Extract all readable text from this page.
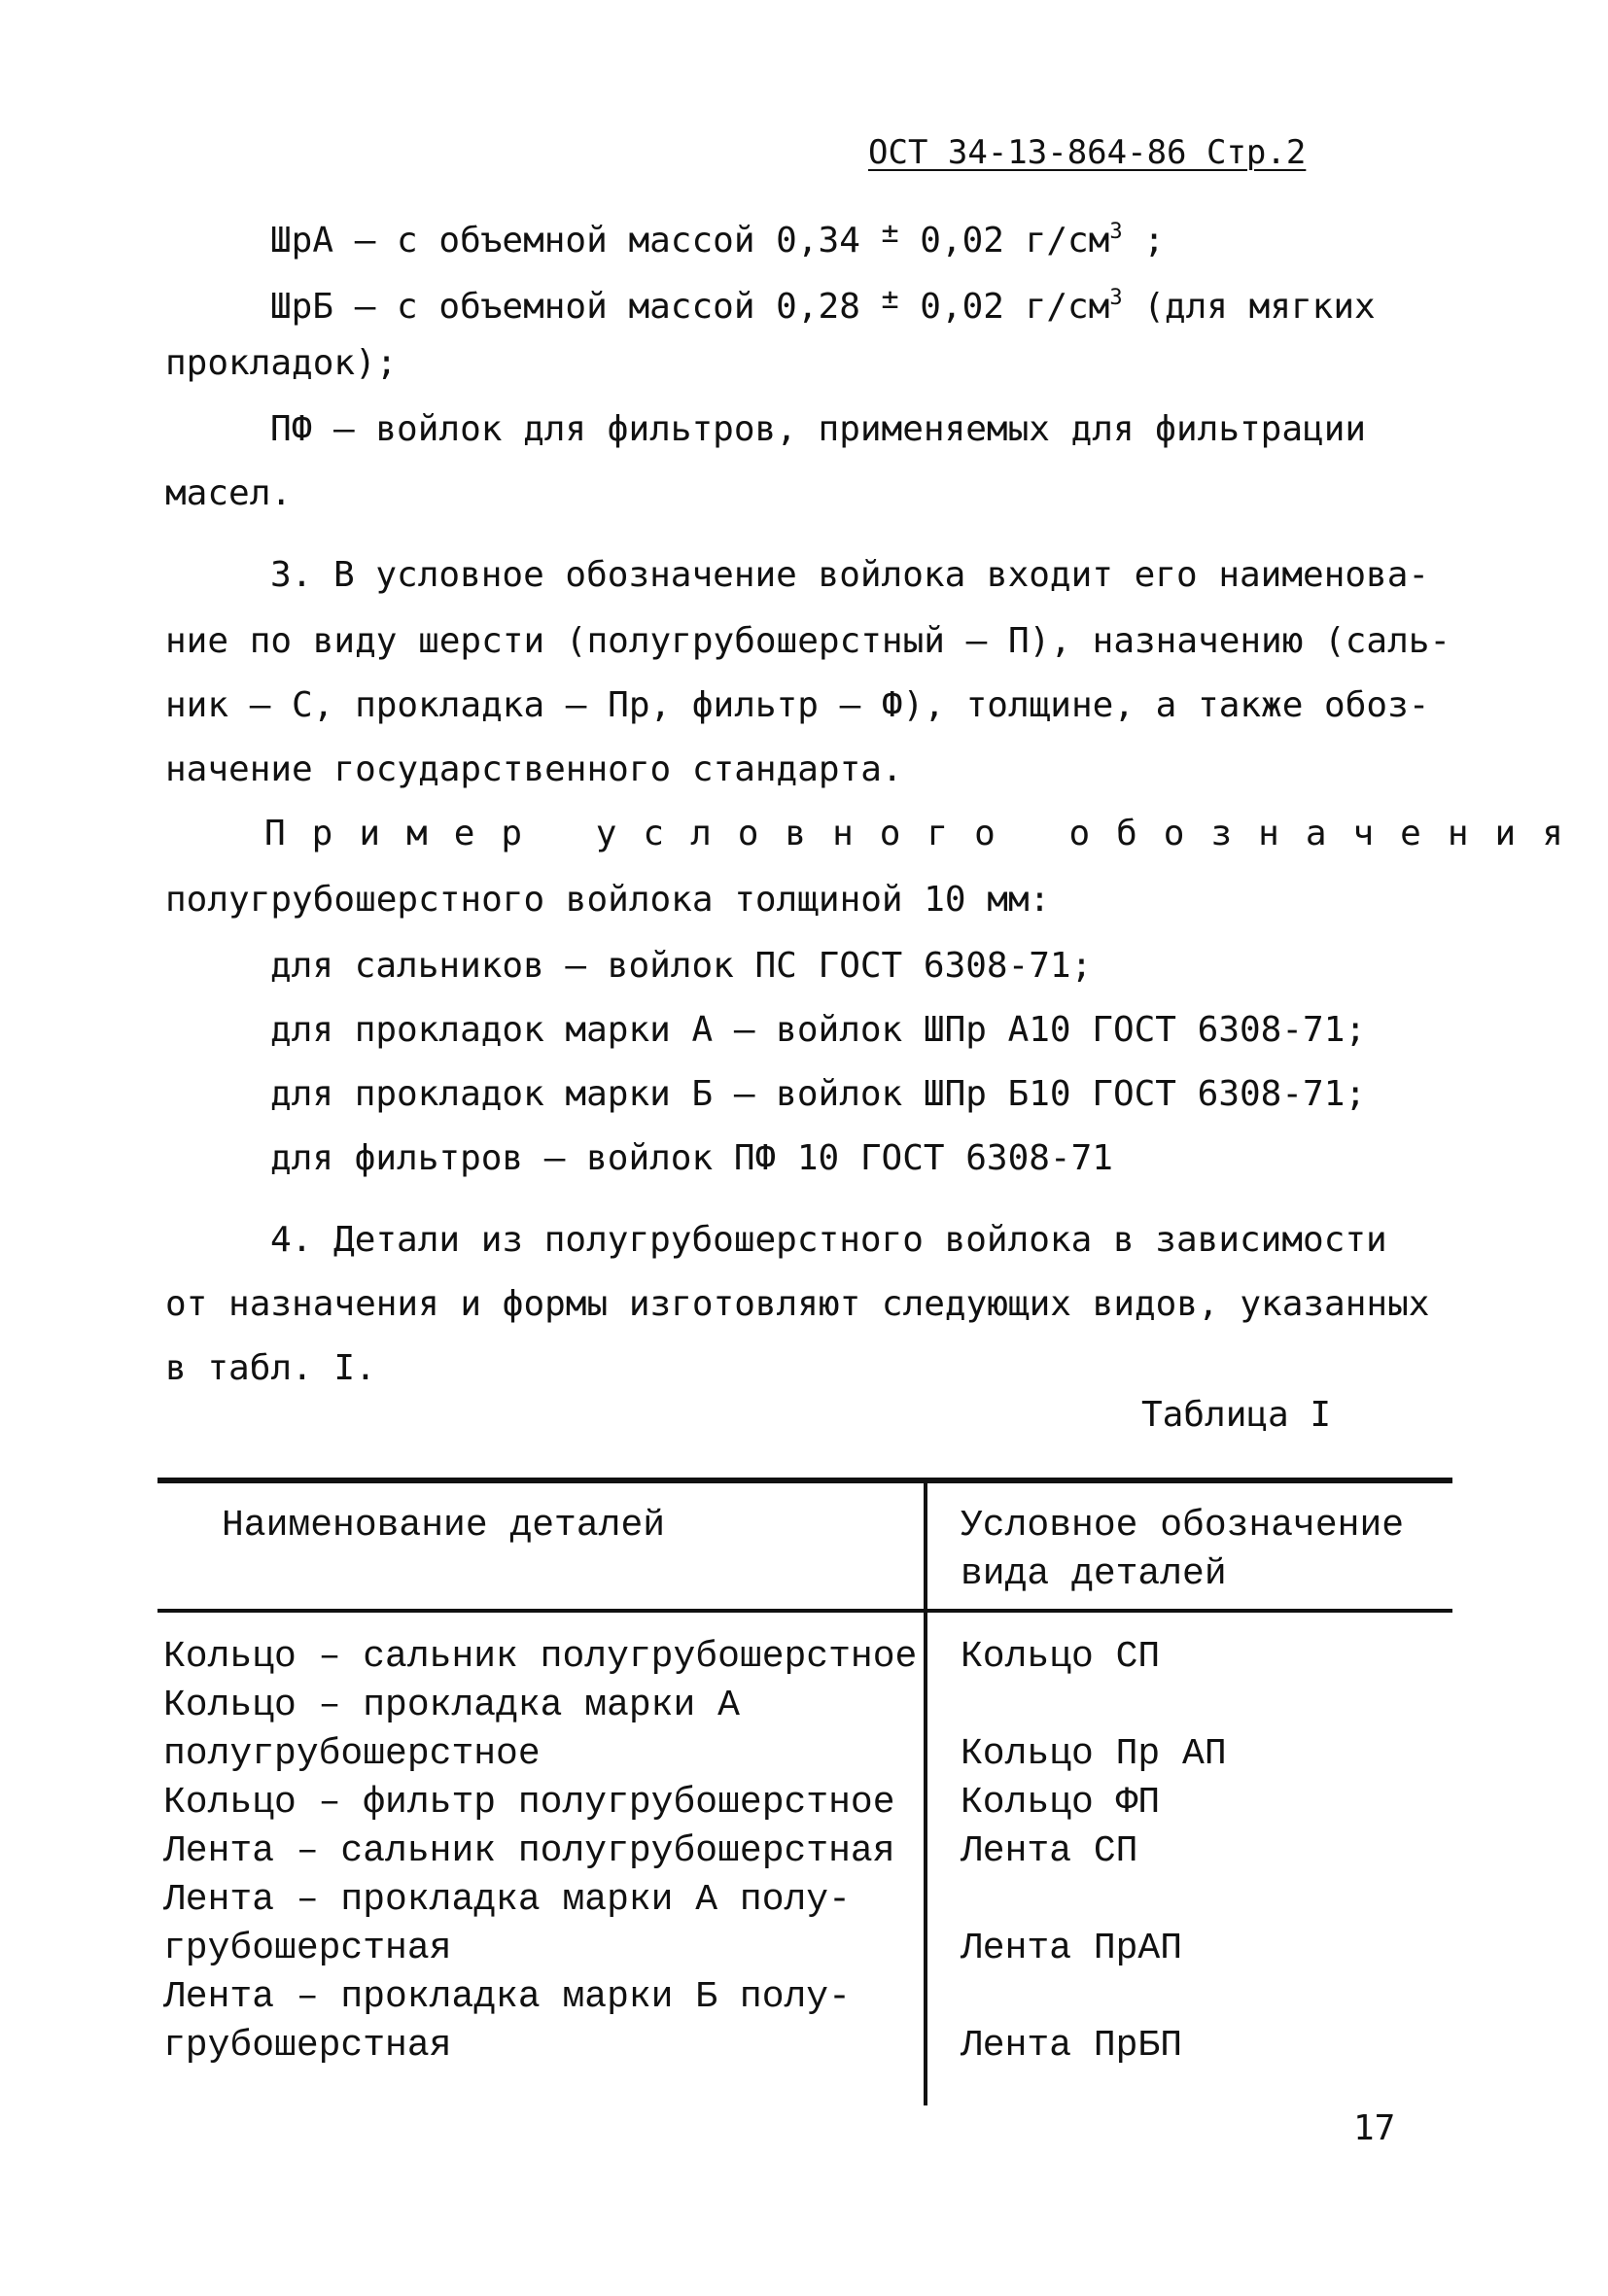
ОСТ 34-13-864-86 Стр.2
ШрА – с объемной массой 0,34 ± 0,02 $г/см^3$ ;
ШрБ – с объемной массой 0,28 ± 0,02 $г/см^3$ (для мягких
прокладок);
ПФ – войлок для фильтров, применяемых для фильтрации
масел.
3. В условное обозначение войлока входит его наименова-
ние по виду шерсти (полугрубошерстный – П), назначению (саль-
ник – С, прокладка – Пр, фильтр – Ф), толщине, а также обоз-
начение государственного стандарта.
Пример условного обозначения
полугрубошерстного войлока толщиной 10 мм:
для сальников – войлок ПС ГОСТ 6308-71;
для прокладок марки А – войлок ШПр А10 ГОСТ 6308-71;
для прокладок марки Б – войлок ШПр Б10 ГОСТ 6308-71;
для фильтров – войлок ПФ 10 ГОСТ 6308-71
4. Детали из полугрубошерстного войлока в зависимости
от назначения и формы изготовляют следующих видов, указанных
в табл. I.
Таблица I
Наименование деталей	Условное обозначение
вида деталей
Кольцо – сальник полугрубошерстное Кольцо СП
Кольцо – прокладка марки А
полугрубошерстное	Кольцо Пр АП
Кольцо – фильтр полугрубошерстное Кольцо ФП
Лента – сальник полугрубошерстная Лента СП
Лента – прокладка марки А полу-
грубошерстная	Лента ПрАП
Лента – прокладка марки Б полу-
грубошерстная	Лента ПрБП
17
